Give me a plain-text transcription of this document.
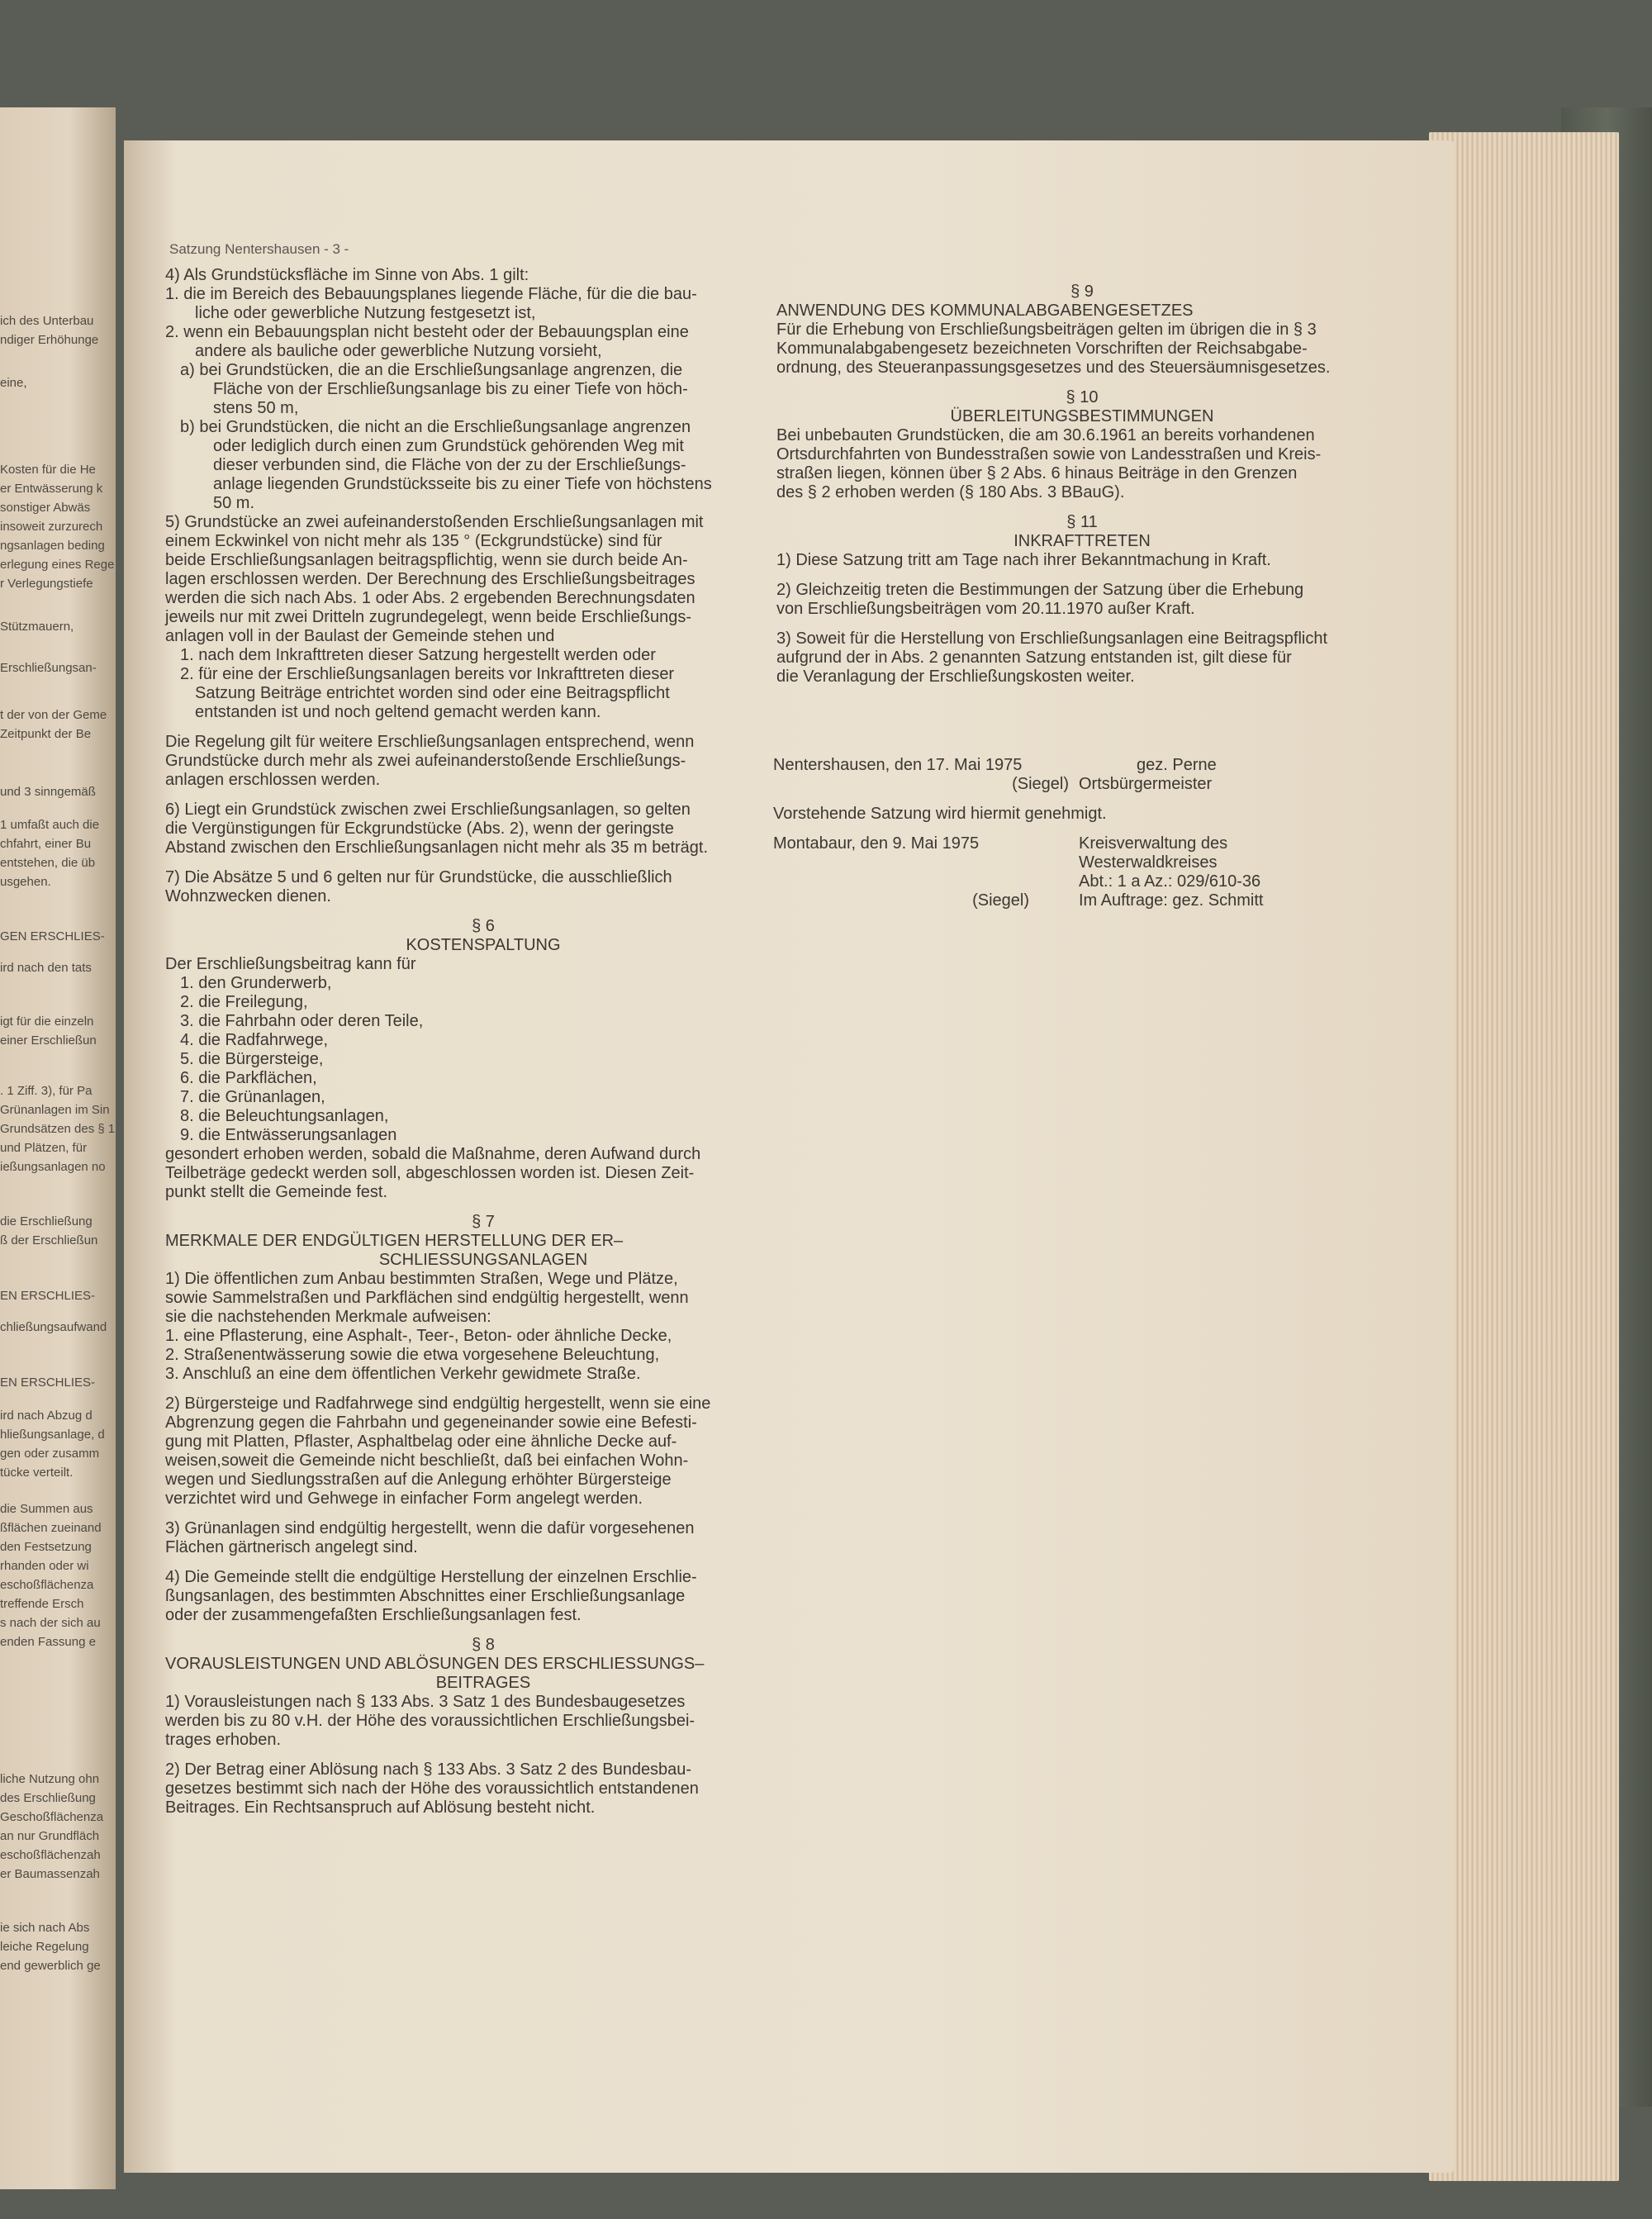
ich des Unterbau
ndiger Erhöhunge
eine,
Kosten für die He
er Entwässerung k
sonstiger Abwäs
insoweit zurzurech
ngsanlagen beding
erlegung eines Rege
r Verlegungstiefe
Stützmauern,
Erschließungsan-
t der von der Geme
Zeitpunkt der Be
und 3 sinngemäß
1 umfaßt auch die
chfahrt, einer Bu
entstehen, die üb
usgehen.
GEN ERSCHLIES-
ird nach den tats
igt für die einzeln
einer Erschließun
. 1 Ziff. 3), für Pa
Grünanlagen im Sin
Grundsätzen des § 1
und Plätzen, für
ießungsanlagen no
die Erschließung
ß der Erschließun
EN ERSCHLIES-
chließungsaufwand
EN ERSCHLIES-
ird nach Abzug d
hließungsanlage, d
gen oder zusamm
tücke verteilt.
die Summen aus
ßflächen zueinand
den Festsetzung
rhanden oder wi
eschoßflächenza
treffende Ersch
s nach der sich au
enden Fassung e
liche Nutzung ohn
des Erschließung
Geschoßflächenza
an nur Grundfläch
eschoßflächenzah
er Baumassenzah
ie sich nach Abs
leiche Regelung
end gewerblich ge
Satzung Nentershausen - 3 -

4) Als Grundstücksfläche im Sinne von Abs. 1 gilt:

1. die im Bereich des Bebauungsplanes liegende Fläche, für die die bau-

liche oder gewerbliche Nutzung festgesetzt ist,

2. wenn ein Bebauungsplan nicht besteht oder der Bebauungsplan eine

andere als bauliche oder gewerbliche Nutzung vorsieht,

a) bei Grundstücken, die an die Erschließungsanlage angrenzen, die

Fläche von der Erschließungsanlage bis zu einer Tiefe von höch-

stens 50 m,

b) bei Grundstücken, die nicht an die Erschließungsanlage angrenzen

oder lediglich durch einen zum Grundstück gehörenden Weg mit

dieser verbunden sind, die Fläche von der zu der Erschließungs-

anlage liegenden Grundstücksseite bis zu einer Tiefe von höchstens

50 m.

5) Grundstücke an zwei aufeinanderstoßenden Erschließungsanlagen mit

einem Eckwinkel von nicht mehr als 135 ° (Eckgrundstücke) sind für

beide Erschließungsanlagen beitragspflichtig, wenn sie durch beide An-

lagen erschlossen werden. Der Berechnung des Erschließungsbeitrages

werden die sich nach Abs. 1 oder Abs. 2 ergebenden Berechnungsdaten

jeweils nur mit zwei Dritteln zugrundegelegt, wenn beide Erschließungs-

anlagen voll in der Baulast der Gemeinde stehen und

1. nach dem Inkrafttreten dieser Satzung hergestellt werden oder

2. für eine der Erschließungsanlagen bereits vor Inkrafttreten dieser

Satzung Beiträge entrichtet worden sind oder eine Beitragspflicht

entstanden ist und noch geltend gemacht werden kann.

Die Regelung gilt für weitere Erschließungsanlagen entsprechend, wenn

Grundstücke durch mehr als zwei aufeinanderstoßende Erschließungs-

anlagen erschlossen werden.

6) Liegt ein Grundstück zwischen zwei Erschließungsanlagen, so gelten

die Vergünstigungen für Eckgrundstücke (Abs. 2), wenn der geringste

Abstand zwischen den Erschließungsanlagen nicht mehr als 35 m beträgt.

7) Die Absätze 5 und 6 gelten nur für Grundstücke, die ausschließlich

Wohnzwecken dienen.

§ 6

KOSTENSPALTUNG

Der Erschließungsbeitrag kann für

1. den Grunderwerb,

2. die Freilegung,

3. die Fahrbahn oder deren Teile,

4. die Radfahrwege,

5. die Bürgersteige,

6. die Parkflächen,

7. die Grünanlagen,

8. die Beleuchtungsanlagen,

9. die Entwässerungsanlagen

gesondert erhoben werden, sobald die Maßnahme, deren Aufwand durch

Teilbeträge gedeckt werden soll, abgeschlossen worden ist. Diesen Zeit-

punkt stellt die Gemeinde fest.

§ 7

MERKMALE DER ENDGÜLTIGEN HERSTELLUNG DER ER–

SCHLIESSUNGSANLAGEN

1) Die öffentlichen zum Anbau bestimmten Straßen, Wege und Plätze,

sowie Sammelstraßen und Parkflächen sind endgültig hergestellt, wenn

sie die nachstehenden Merkmale aufweisen:

1. eine Pflasterung, eine Asphalt-, Teer-, Beton- oder ähnliche Decke,

2. Straßenentwässerung sowie die etwa vorgesehene Beleuchtung,

3. Anschluß an eine dem öffentlichen Verkehr gewidmete Straße.

2) Bürgersteige und Radfahrwege sind endgültig hergestellt, wenn sie eine

Abgrenzung gegen die Fahrbahn und gegeneinander sowie eine Befesti-

gung mit Platten, Pflaster, Asphaltbelag oder eine ähnliche Decke auf-

weisen,soweit die Gemeinde nicht beschließt, daß bei einfachen Wohn-

wegen und Siedlungsstraßen auf die Anlegung erhöhter Bürgersteige

verzichtet wird und Gehwege in einfacher Form angelegt werden.

3) Grünanlagen sind endgültig hergestellt, wenn die dafür vorgesehenen

Flächen gärtnerisch angelegt sind.

4) Die Gemeinde stellt die endgültige Herstellung der einzelnen Erschlie-

ßungsanlagen, des bestimmten Abschnittes einer Erschließungsanlage

oder der zusammengefaßten Erschließungsanlagen fest.

§ 8

VORAUSLEISTUNGEN UND ABLÖSUNGEN DES ERSCHLIESSUNGS–

BEITRAGES

1) Vorausleistungen nach § 133 Abs. 3 Satz 1 des Bundesbaugesetzes

werden bis zu 80 v.H. der Höhe des voraussichtlichen Erschließungsbei-

trages erhoben.

2) Der Betrag einer Ablösung nach § 133 Abs. 3 Satz 2 des Bundesbau-

gesetzes bestimmt sich nach der Höhe des voraussichtlich entstandenen

Beitrages. Ein Rechtsanspruch auf Ablösung besteht nicht.

§ 9

ANWENDUNG DES KOMMUNALABGABENGESETZES

Für die Erhebung von Erschließungsbeiträgen gelten im übrigen die in § 3

Kommunalabgabengesetz bezeichneten Vorschriften der Reichsabgabe-

ordnung, des Steueranpassungsgesetzes und des Steuersäumnisgesetzes.

§ 10

ÜBERLEITUNGSBESTIMMUNGEN

Bei unbebauten Grundstücken, die am 30.6.1961 an bereits vorhandenen

Ortsdurchfahrten von Bundesstraßen sowie von Landesstraßen und Kreis-

straßen liegen, können über § 2 Abs. 6 hinaus Beiträge in den Grenzen

des § 2 erhoben werden (§ 180 Abs. 3 BBauG).

§ 11

INKRAFTTRETEN

1) Diese Satzung tritt am Tage nach ihrer Bekanntmachung in Kraft.

2) Gleichzeitig treten die Bestimmungen der Satzung über die Erhebung

von Erschließungsbeiträgen vom 20.11.1970 außer Kraft.

3) Soweit für die Herstellung von Erschließungsanlagen eine Beitragspflicht

aufgrund der in Abs. 2 genannten Satzung entstanden ist, gilt diese für

die Veranlagung der Erschließungskosten weiter.

Nentershausen, den 17. Mai 1975	gez. Perne
(Siegel) Ortsbürgermeister
Vorstehende Satzung wird hiermit genehmigt.
Montabaur, den 9. Mai 1975	Kreisverwaltung des
Westerwaldkreises
Abt.: 1 a Az.: 029/610-36
(Siegel)	Im Auftrage: gez. Schmitt
